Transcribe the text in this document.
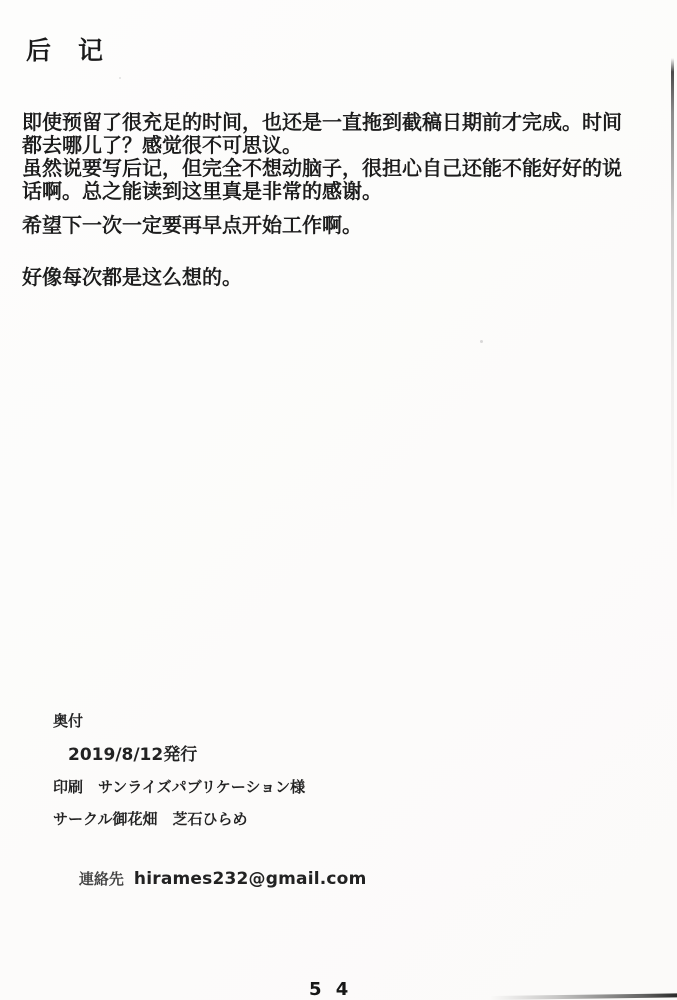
后　记
即使预留了很充足的时间，也还是一直拖到截稿日期前才完成。时间
都去哪儿了？感觉很不可思议。
虽然说要写后记，但完全不想动脑子，很担心自己还能不能好好的说
话啊。总之能读到这里真是非常的感谢。
希望下一次一定要再早点开始工作啊。
好像每次都是这么想的。
奥付
2019/8/12発行
印刷　サンライズパブリケーション様
サークル御花畑　芝石ひらめ

連絡先 hirames232@gmail.com

5 4
